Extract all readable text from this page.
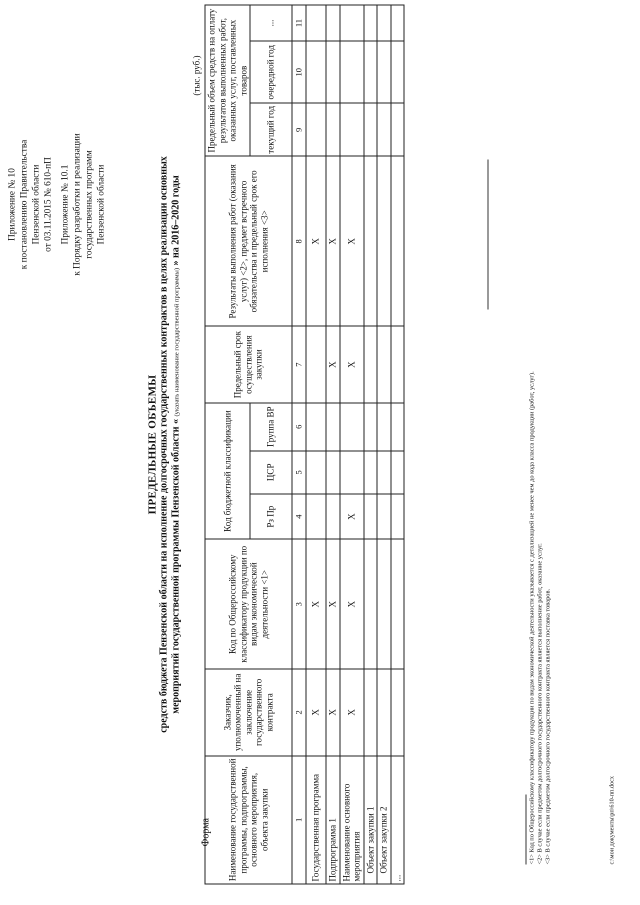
Приложение № 10 к постановлению Правительства Пензенской области от 03.11.2015 № 610-пП Приложение № 10.1 к Порядку разработки и реализации государственных программ Пензенской области
Форма
ПРЕДЕЛЬНЫЕ ОБЪЕМЫ средств бюджета Пензенской области на исполнение долгосрочных государственных контрактов в целях реализации основных мероприятий государственной программы Пензенской области « (указать наименование государственной программы) » на 2016–2020 годы
(тыс. руб.)
Наименование государственной программы, подпрограммы, основного мероприятия, объекта закупки	Заказчик, уполномоченный на заключение государственного контракта	Код по Общероссийскому классификатору продукции по видам экономической деятельности <1>	Код бюджетной классификации			Предельный срок осуществления закупки	Результаты выполнения работ (оказания услуг) <2>, предмет встречного обязательства и предельный срок его исполнения <3>	Предельный объем средств на оплату результатов выполненных работ, оказанных услуг, поставленных товаров		
			Рз Пр	ЦСР	Группа ВР			текущий год	очередной год	...
1	2	3	4	5	6	7	8	9	10	11
Государственная программа	Х	Х					Х			
Подпрограмма 1	Х	Х				Х	Х			
Наименование основного мероприятия	Х	Х	Х			Х	Х			
Объект закупки 1										
Объект закупки 2										
...										
<1> Код по Общероссийскому классификатору продукции по видам экономической деятельности указывается с детализацией не менее чем до кода класса продукции (работ, услуг). <2> В случае если предметом долгосрочного государственного контракта является выполнение работ, оказание услуг. <3> В случае если предметом долгосрочного государственного контракта является поставка товаров.	c:\мои документы\рп\610-пп.docx
